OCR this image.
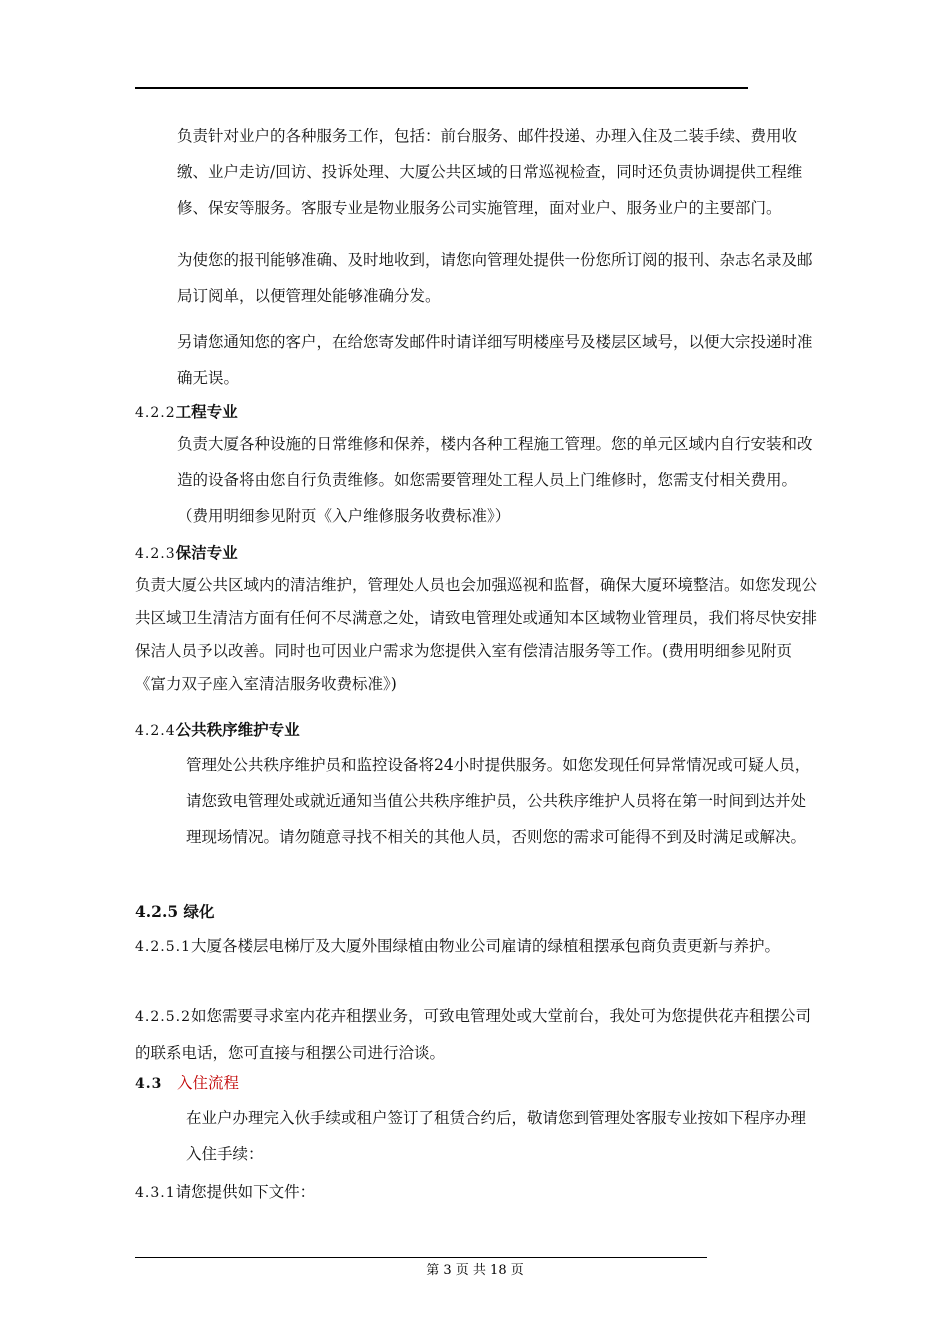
负责针对业户的各种服务工作，包括：前台服务、邮件投递、办理入住及二装手续、费用收缴、业户走访/回访、投诉处理、大厦公共区域的日常巡视检查，同时还负责协调提供工程维修、保安等服务。客服专业是物业服务公司实施管理，面对业户、服务业户的主要部门。

为使您的报刊能够准确、及时地收到，请您向管理处提供一份您所订阅的报刊、杂志名录及邮局订阅单，以便管理处能够准确分发。

另请您通知您的客户，在给您寄发邮件时请详细写明楼座号及楼层区域号，以便大宗投递时准确无误。

4.2.2工程专业

负责大厦各种设施的日常维修和保养，楼内各种工程施工管理。您的单元区域内自行安装和改造的设备将由您自行负责维修。如您需要管理处工程人员上门维修时，您需支付相关费用。（费用明细参见附页《入户维修服务收费标准》）

4.2.3保洁专业

负责大厦公共区域内的清洁维护，管理处人员也会加强巡视和监督，确保大厦环境整洁。如您发现公共区域卫生清洁方面有任何不尽满意之处，请致电管理处或通知本区域物业管理员，我们将尽快安排保洁人员予以改善。同时也可因业户需求为您提供入室有偿清洁服务等工作。(费用明细参见附页《富力双子座入室清洁服务收费标准》)

4.2.4公共秩序维护专业

管理处公共秩序维护员和监控设备将24小时提供服务。如您发现任何异常情况或可疑人员，请您致电管理处或就近通知当值公共秩序维护员，公共秩序维护人员将在第一时间到达并处理现场情况。请勿随意寻找不相关的其他人员，否则您的需求可能得不到及时满足或解决。

4.2.5 绿化

4.2.5.1大厦各楼层电梯厅及大厦外围绿植由物业公司雇请的绿植租摆承包商负责更新与养护。

4.2.5.2如您需要寻求室内花卉租摆业务，可致电管理处或大堂前台，我处可为您提供花卉租摆公司的联系电话，您可直接与租摆公司进行洽谈。

4.3 入住流程

在业户办理完入伙手续或租户签订了租赁合约后，敬请您到管理处客服专业按如下程序办理入住手续：

4.3.1请您提供如下文件：
第 3 页 共 18 页
